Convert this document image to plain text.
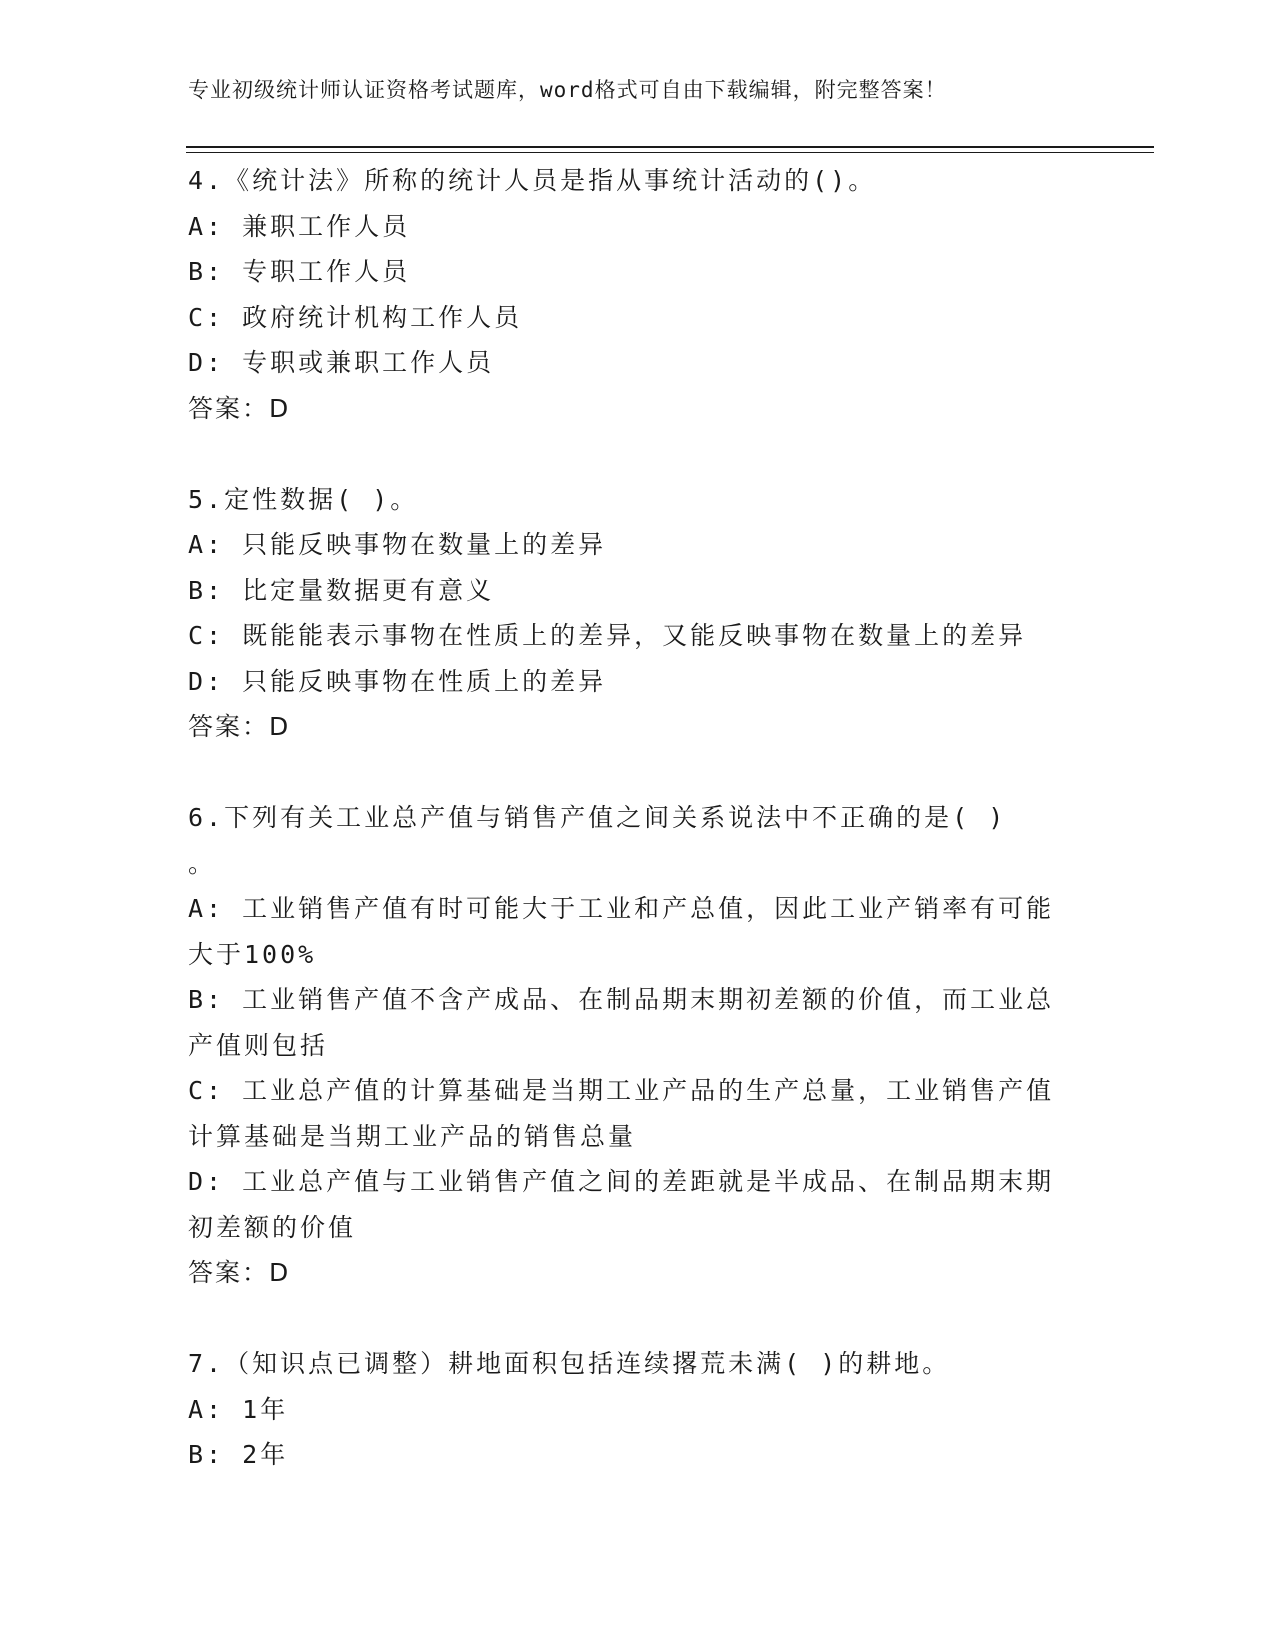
专业初级统计师认证资格考试题库，word格式可自由下载编辑，附完整答案！
4.《统计法》所称的统计人员是指从事统计活动的()。
A: 兼职工作人员
B: 专职工作人员
C: 政府统计机构工作人员
D: 专职或兼职工作人员
答案：D
5.定性数据( )。
A: 只能反映事物在数量上的差异
B: 比定量数据更有意义
C: 既能能表示事物在性质上的差异，又能反映事物在数量上的差异
D: 只能反映事物在性质上的差异
答案：D
6.下列有关工业总产值与销售产值之间关系说法中不正确的是( )
。
A: 工业销售产值有时可能大于工业和产总值，因此工业产销率有可能
大于100%
B: 工业销售产值不含产成品、在制品期末期初差额的价值，而工业总
产值则包括
C: 工业总产值的计算基础是当期工业产品的生产总量，工业销售产值
计算基础是当期工业产品的销售总量
D: 工业总产值与工业销售产值之间的差距就是半成品、在制品期末期
初差额的价值
答案：D
7.（知识点已调整）耕地面积包括连续撂荒未满( )的耕地。
A: 1年
B: 2年
